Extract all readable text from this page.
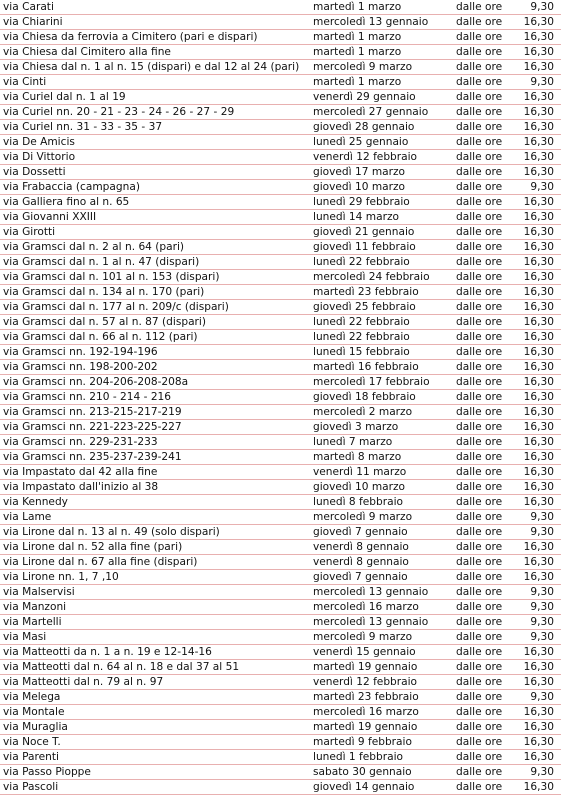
via Carati	martedì 1 marzo	dalle ore	9,30
via Chiarini	mercoledì 13 gennaio	dalle ore	16,30
via Chiesa da ferrovia a Cimitero (pari e dispari)	martedì 1 marzo	dalle ore	16,30
via Chiesa dal Cimitero alla fine	martedì 1 marzo	dalle ore	16,30
via Chiesa dal n. 1 al n. 15 (dispari) e dal 12 al 24 (pari)	mercoledì 9 marzo	dalle ore	16,30
via Cinti	martedì 1 marzo	dalle ore	9,30
via Curiel dal n. 1 al 19	venerdì 29 gennaio	dalle ore	16,30
via Curiel nn. 20 - 21 - 23 - 24 - 26 - 27 - 29	mercoledì 27 gennaio	dalle ore	16,30
via Curiel nn. 31 - 33 - 35 - 37	giovedì 28 gennaio	dalle ore	16,30
via De Amicis	lunedì 25 gennaio	dalle ore	16,30
via Di Vittorio	venerdì 12 febbraio	dalle ore	16,30
via Dossetti	giovedì 17 marzo	dalle ore	16,30
via Frabaccia (campagna)	giovedì 10 marzo	dalle ore	9,30
via Galliera fino al n. 65	lunedì 29 febbraio	dalle ore	16,30
via Giovanni XXIII	lunedì 14 marzo	dalle ore	16,30
via Girotti	giovedì 21 gennaio	dalle ore	16,30
via Gramsci dal n. 2 al n. 64 (pari)	giovedì 11 febbraio	dalle ore	16,30
via Gramsci dal n. 1 al n. 47 (dispari)	lunedì 22 febbraio	dalle ore	16,30
via Gramsci dal n. 101 al n. 153 (dispari)	mercoledì 24 febbraio	dalle ore	16,30
via Gramsci dal n. 134 al n. 170 (pari)	martedì 23 febbraio	dalle ore	16,30
via Gramsci dal n. 177 al n. 209/c (dispari)	giovedì 25 febbraio	dalle ore	16,30
via Gramsci dal n. 57 al n. 87 (dispari)	lunedì 22 febbraio	dalle ore	16,30
via Gramsci dal n. 66 al n. 112 (pari)	lunedì 22 febbraio	dalle ore	16,30
via Gramsci nn. 192-194-196	lunedì 15 febbraio	dalle ore	16,30
via Gramsci nn. 198-200-202	martedì 16 febbraio	dalle ore	16,30
via Gramsci nn. 204-206-208-208a	mercoledì 17 febbraio	dalle ore	16,30
via Gramsci nn. 210 - 214 - 216	giovedì 18 febbraio	dalle ore	16,30
via Gramsci nn. 213-215-217-219	mercoledì 2 marzo	dalle ore	16,30
via Gramsci nn. 221-223-225-227	giovedì 3 marzo	dalle ore	16,30
via Gramsci nn. 229-231-233	lunedì 7 marzo	dalle ore	16,30
via Gramsci nn. 235-237-239-241	martedì 8 marzo	dalle ore	16,30
via Impastato dal 42 alla fine	venerdì 11 marzo	dalle ore	16,30
via Impastato dall'inizio al 38	giovedì 10 marzo	dalle ore	16,30
via Kennedy	lunedì 8 febbraio	dalle ore	16,30
via Lame	mercoledì 9 marzo	dalle ore	9,30
via Lirone dal n. 13 al n. 49 (solo dispari)	giovedì 7 gennaio	dalle ore	9,30
via Lirone dal n. 52 alla fine (pari)	venerdì 8 gennaio	dalle ore	16,30
via Lirone dal n. 67 alla fine (dispari)	venerdì 8 gennaio	dalle ore	16,30
via Lirone nn. 1, 7 ,10	giovedì 7 gennaio	dalle ore	16,30
via Malservisi	mercoledì 13 gennaio	dalle ore	9,30
via Manzoni	mercoledì 16 marzo	dalle ore	9,30
via Martelli	mercoledì 13 gennaio	dalle ore	9,30
via Masi	mercoledì 9 marzo	dalle ore	9,30
via Matteotti da n. 1 a n. 19 e 12-14-16	venerdì 15 gennaio	dalle ore	16,30
via Matteotti dal n. 64 al n. 18 e dal 37 al 51	martedì 19 gennaio	dalle ore	16,30
via Matteotti dal n. 79 al n. 97	venerdì 12 febbraio	dalle ore	16,30
via Melega	martedì 23 febbraio	dalle ore	9,30
via Montale	mercoledì 16 marzo	dalle ore	16,30
via Muraglia	martedì 19 gennaio	dalle ore	16,30
via Noce T.	martedì 9 febbraio	dalle ore	16,30
via Parenti	lunedì 1 febbraio	dalle ore	16,30
via Passo Pioppe	sabato 30 gennaio	dalle ore	9,30
via Pascoli	giovedì 14 gennaio	dalle ore	16,30
